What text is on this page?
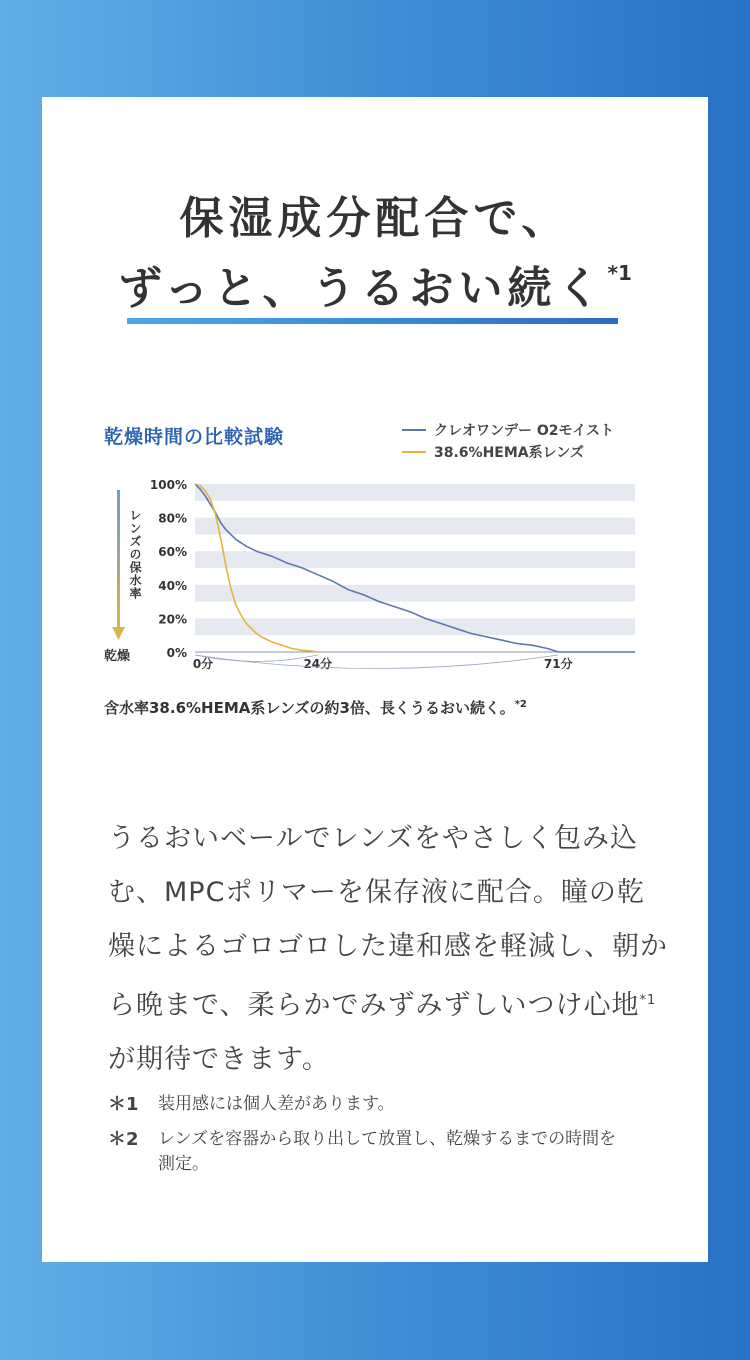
保湿成分配合で、
ずっと、うるおい続く $^{*1}$
乾燥時間の比較試験	クレオワンデー O2モイスト
38.6%HEMA系レンズ
100%
80%
60%
40%
20%
0%
0分	24分	71分
レンズの保水率
乾燥
含水率38.6%HEMA系レンズの約3倍、長くうるおい続く。$^{*2}$
うるおいベールでレンズをやさしく包み込む、MPCポリマーを保存液に配合。瞳の乾燥によるゴロゴロした違和感を軽減し、朝から晩まで、柔らかでみずみずしいつけ心地$^{*1}$が期待できます。
＊1	装用感には個人差があります。
＊2	レンズを容器から取り出して放置し、乾燥するまでの時間を測定。
